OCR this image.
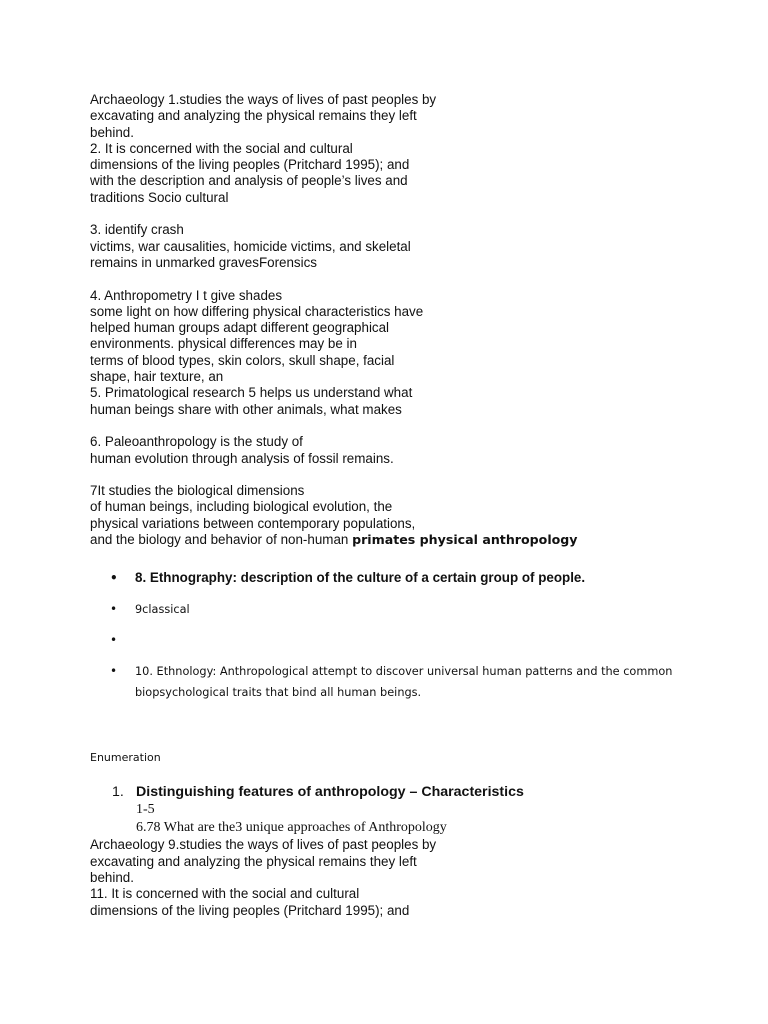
Archaeology 1.studies the ways of lives of past peoples by
excavating and analyzing the physical remains they left
behind.
2. It is concerned with the social and cultural
dimensions of the living peoples (Pritchard 1995); and
with the description and analysis of people’s lives and
traditions Socio cultural
3. identify crash
victims, war causalities, homicide victims, and skeletal
remains in unmarked gravesForensics
4. Anthropometry I t give shades
some light on how differing physical characteristics have
helped human groups adapt different geographical
environments. physical differences may be in
terms of blood types, skin colors, skull shape, facial
shape, hair texture, an
5. Primatological research 5 helps us understand what
human beings share with other animals, what makes
6. Paleoanthropology is the study of
human evolution through analysis of fossil remains.
7It studies the biological dimensions
of human beings, including biological evolution, the
physical variations between contemporary populations,
and the biology and behavior of non-human primates physical anthropology
• 8. Ethnography: description of the culture of a certain group of people.
• 9classical
•
• 10. Ethnology: Anthropological attempt to discover universal human patterns and the common
biopsychological traits that bind all human beings.
Enumeration
1. Distinguishing features of anthropology – Characteristics
1-5
6.78 What are the3 unique approaches of Anthropology
Archaeology 9.studies the ways of lives of past peoples by
excavating and analyzing the physical remains they left
behind.
11. It is concerned with the social and cultural
dimensions of the living peoples (Pritchard 1995); and
